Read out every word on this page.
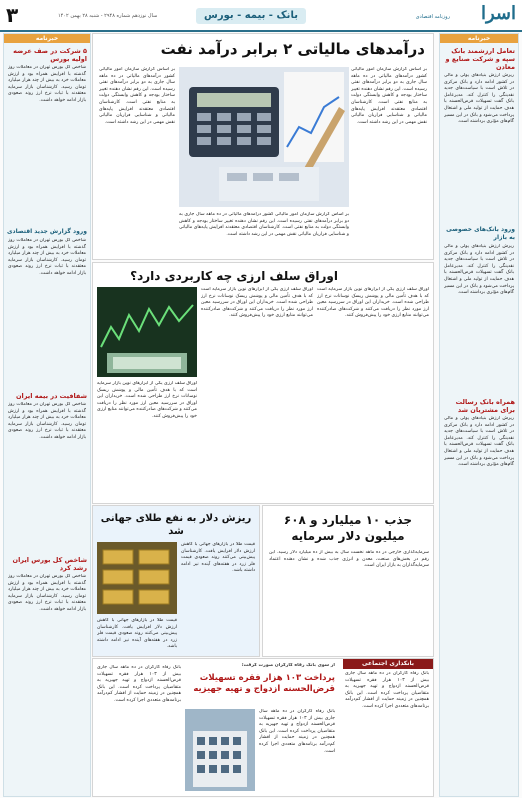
اسرا
روزنامه اقتصادی
بانک - بیمه - بورس
سال نوزدهم شماره ۲۹۴۸ - شنبه ۲۸ بهمن ۱۴۰۲
۳
خبرنامه
تعامل ارزشمند بانک سپه و شرکت صنایع و معادن
ریزش ارزش بنیادهای پولی و مالی در کشور ادامه دارد و بانک مرکزی در تلاش است با سیاست‌های جدید نقدینگی را کنترل کند. مدیرعامل بانک گفت تسهیلات قرض‌الحسنه با هدف حمایت از تولید ملی و اشتغال پرداخت می‌شود و بانک در این مسیر گام‌های مؤثری برداشته است.
ورود بانک‌های خصوصی به بازار
ریزش ارزش بنیادهای پولی و مالی در کشور ادامه دارد و بانک مرکزی در تلاش است با سیاست‌های جدید نقدینگی را کنترل کند. مدیرعامل بانک گفت تسهیلات قرض‌الحسنه با هدف حمایت از تولید ملی و اشتغال پرداخت می‌شود و بانک در این مسیر گام‌های مؤثری برداشته است.
همراه بانک رسالت برای مشتریان شد
ریزش ارزش بنیادهای پولی و مالی در کشور ادامه دارد و بانک مرکزی در تلاش است با سیاست‌های جدید نقدینگی را کنترل کند. مدیرعامل بانک گفت تسهیلات قرض‌الحسنه با هدف حمایت از تولید ملی و اشتغال پرداخت می‌شود و بانک در این مسیر گام‌های مؤثری برداشته است.
خبرنامه
۵ شرکت در صف عرضه اولیه بورس
شاخص کل بورس تهران در معاملات روز گذشته با افزایش همراه بود و ارزش معاملات خرد به بیش از چند هزار میلیارد تومان رسید. کارشناسان بازار سرمایه معتقدند با ثبات نرخ ارز روند صعودی بازار ادامه خواهد داشت.
ورود گزارش جدید اقتصادی
شاخص کل بورس تهران در معاملات روز گذشته با افزایش همراه بود و ارزش معاملات خرد به بیش از چند هزار میلیارد تومان رسید. کارشناسان بازار سرمایه معتقدند با ثبات نرخ ارز روند صعودی بازار ادامه خواهد داشت.
شفافیت در بیمه ایران
شاخص کل بورس تهران در معاملات روز گذشته با افزایش همراه بود و ارزش معاملات خرد به بیش از چند هزار میلیارد تومان رسید. کارشناسان بازار سرمایه معتقدند با ثبات نرخ ارز روند صعودی بازار ادامه خواهد داشت.
شاخص کل بورس ایران رشد کرد
شاخص کل بورس تهران در معاملات روز گذشته با افزایش همراه بود و ارزش معاملات خرد به بیش از چند هزار میلیارد تومان رسید. کارشناسان بازار سرمایه معتقدند با ثبات نرخ ارز روند صعودی بازار ادامه خواهد داشت.
درآمدهای مالیاتی ۲ برابر درآمد نفت
بر اساس گزارش سازمان امور مالیاتی کشور درآمدهای مالیاتی در ده ماهه سال جاری به دو برابر درآمدهای نفتی رسیده است. این رقم نشان دهنده تغییر ساختار بودجه و کاهش وابستگی دولت به منابع نفتی است. کارشناسان اقتصادی معتقدند افزایش پایه‌های مالیاتی و شناسایی فراریان مالیاتی نقش مهمی در این رشد داشته است.
بر اساس گزارش سازمان امور مالیاتی کشور درآمدهای مالیاتی در ده ماهه سال جاری به دو برابر درآمدهای نفتی رسیده است. این رقم نشان دهنده تغییر ساختار بودجه و کاهش وابستگی دولت به منابع نفتی است. کارشناسان اقتصادی معتقدند افزایش پایه‌های مالیاتی و شناسایی فراریان مالیاتی نقش مهمی در این رشد داشته است.
بر اساس گزارش سازمان امور مالیاتی کشور درآمدهای مالیاتی در ده ماهه سال جاری به دو برابر درآمدهای نفتی رسیده است. این رقم نشان دهنده تغییر ساختار بودجه و کاهش وابستگی دولت به منابع نفتی است. کارشناسان اقتصادی معتقدند افزایش پایه‌های مالیاتی و شناسایی فراریان مالیاتی نقش مهمی در این رشد داشته است.
اوراق سلف ارزی چه کاربردی دارد؟
اوراق سلف ارزی یکی از ابزارهای نوین بازار سرمایه است که با هدف تأمین مالی و پوشش ریسک نوسانات نرخ ارز طراحی شده است. خریداران این اوراق در سررسید معین ارز مورد نظر را دریافت می‌کنند و شرکت‌های صادرکننده می‌توانند منابع ارزی خود را پیش‌فروش کنند.
اوراق سلف ارزی یکی از ابزارهای نوین بازار سرمایه است که با هدف تأمین مالی و پوشش ریسک نوسانات نرخ ارز طراحی شده است. خریداران این اوراق در سررسید معین ارز مورد نظر را دریافت می‌کنند و شرکت‌های صادرکننده می‌توانند منابع ارزی خود را پیش‌فروش کنند.
اوراق سلف ارزی یکی از ابزارهای نوین بازار سرمایه است که با هدف تأمین مالی و پوشش ریسک نوسانات نرخ ارز طراحی شده است. خریداران این اوراق در سررسید معین ارز مورد نظر را دریافت می‌کنند و شرکت‌های صادرکننده می‌توانند منابع ارزی خود را پیش‌فروش کنند.
جذب ۱۰ میلیارد و ۶۰۸ میلیون دلار سرمایه
سرمایه‌گذاری خارجی در ده ماهه نخست سال به بیش از ده میلیارد دلار رسید. این رقم در بخش‌های صنعت، معدن و انرژی جذب شده و نشان دهنده اعتماد سرمایه‌گذاران به بازار ایران است.
ریزش دلار به نفع طلای جهانی شد
قیمت طلا در بازارهای جهانی با کاهش ارزش دلار افزایش یافت. کارشناسان پیش‌بینی می‌کنند روند صعودی قیمت فلز زرد در هفته‌های آینده نیز ادامه داشته باشد.
قیمت طلا در بازارهای جهانی با کاهش ارزش دلار افزایش یافت. کارشناسان پیش‌بینی می‌کنند روند صعودی قیمت فلز زرد در هفته‌های آینده نیز ادامه داشته باشد.
بانکداری اجتماعی
بانک رفاه کارگران در ده ماهه سال جاری بیش از ۱۰۳ هزار فقره تسهیلات قرض‌الحسنه ازدواج و تهیه جهیزیه به متقاضیان پرداخت کرده است. این بانک همچنین در زمینه حمایت از اقشار کم‌درآمد برنامه‌های متعددی اجرا کرده است.
از سوی بانک رفاه کارگران صورت گرفت؛
پرداخت ۱۰۳ هزار فقره تسهیلات قرض‌الحسنه ازدواج و تهیه جهیزیه
بانک رفاه کارگران در ده ماهه سال جاری بیش از ۱۰۳ هزار فقره تسهیلات قرض‌الحسنه ازدواج و تهیه جهیزیه به متقاضیان پرداخت کرده است. این بانک همچنین در زمینه حمایت از اقشار کم‌درآمد برنامه‌های متعددی اجرا کرده است.
بانک رفاه کارگران در ده ماهه سال جاری بیش از ۱۰۳ هزار فقره تسهیلات قرض‌الحسنه ازدواج و تهیه جهیزیه به متقاضیان پرداخت کرده است. این بانک همچنین در زمینه حمایت از اقشار کم‌درآمد برنامه‌های متعددی اجرا کرده است.
